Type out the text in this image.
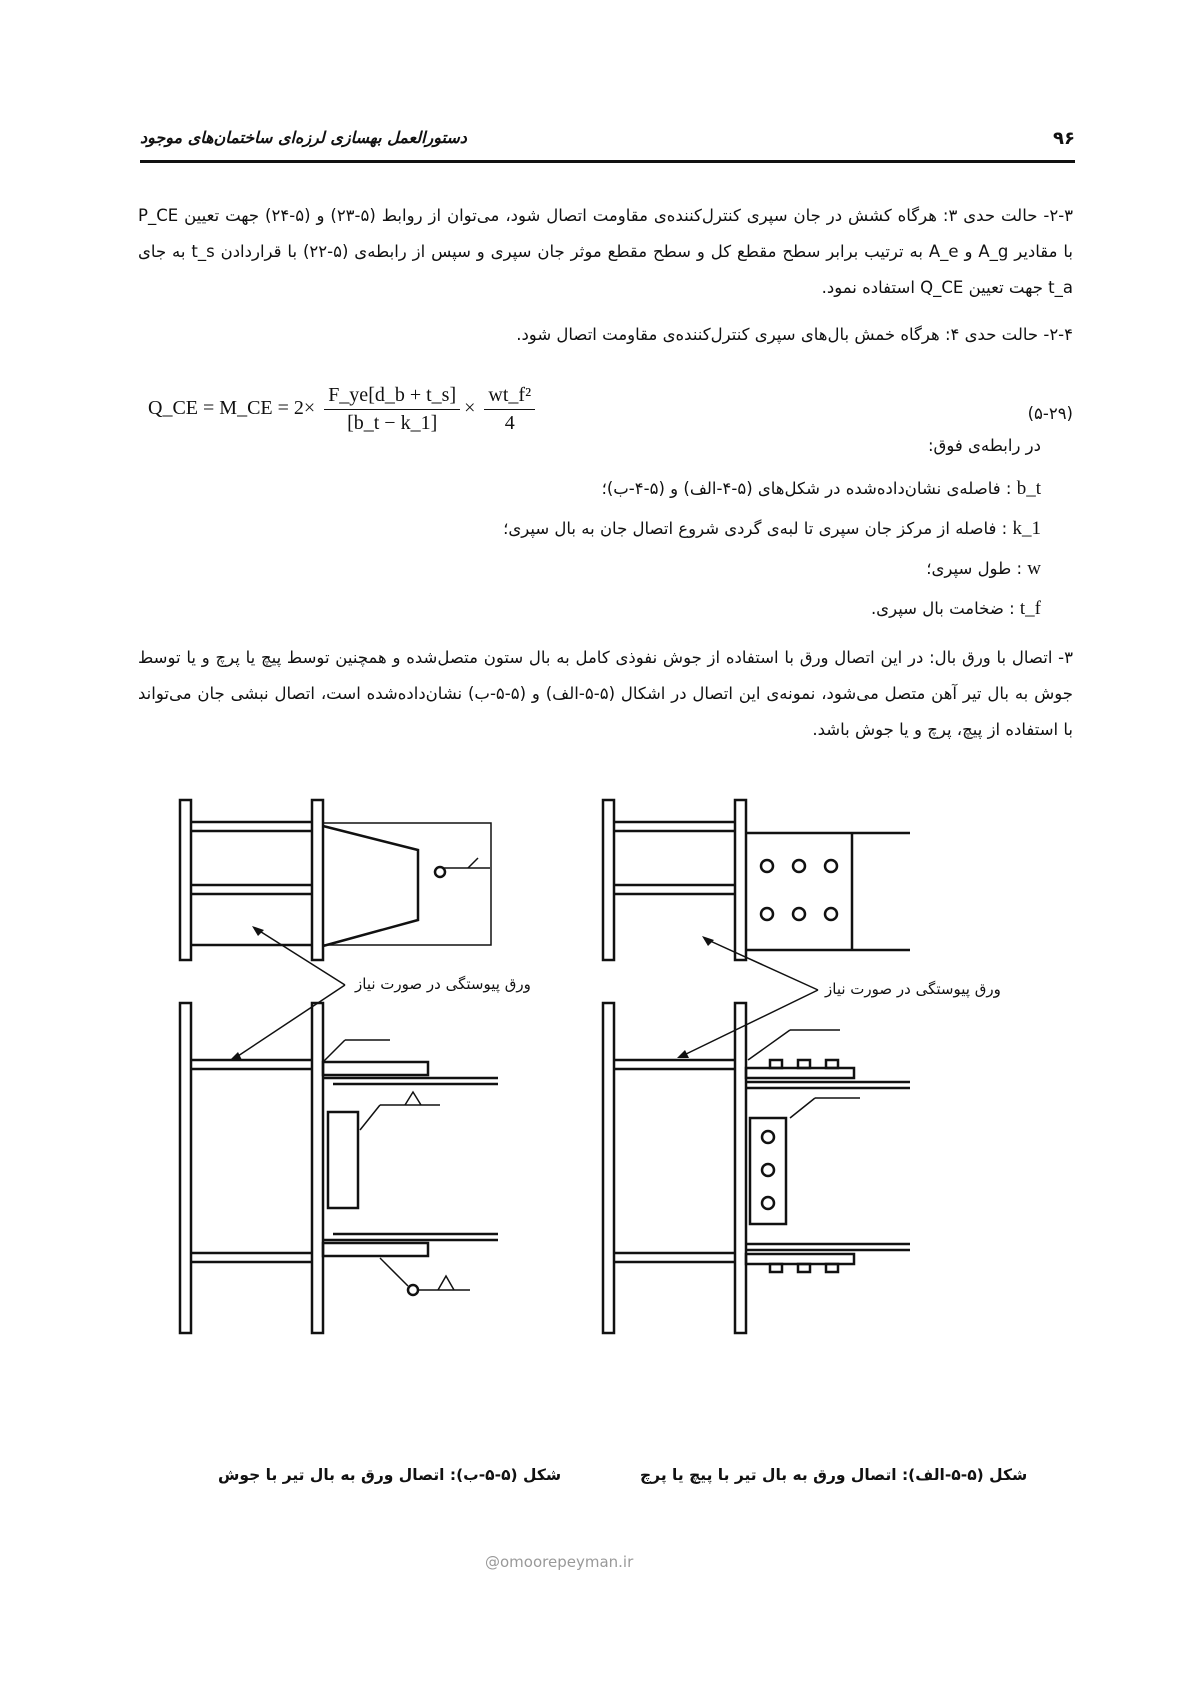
دستورالعمل بهسازی لرزه‌ای ساختمان‌های موجود	۹۶
۲-۳- حالت حدی ۳: هرگاه کشش در جان سپری کنترل‌کننده‌ی مقاومت اتصال شود، می‌توان از روابط (۵-۲۳) و (۵-۲۴) جهت تعیین P_CE با مقادیر A_g و A_e به ترتیب برابر سطح مقطع کل و سطح مقطع موثر جان سپری و سپس از رابطه‌ی (۵-۲۲) با قراردادن t_s به جای t_a جهت تعیین Q_CE استفاده نمود.
۲-۴- حالت حدی ۴: هرگاه خمش بال‌های سپری کنترل‌کننده‌ی مقاومت اتصال شود.
Q_CE = M_CE = $2\times \frac{F\_ye[d\_b + t\_s]}{[b\_t - k\_1]} \times \frac{\text{wt\_f²}}{4}$	(۵-۲۹)
در رابطه‌ی فوق:
b_t : فاصله‌ی نشان‌داده‌شده در شکل‌های (۵-۴-الف) و (۵-۴-ب)؛
k_1 : فاصله از مرکز جان سپری تا لبه‌ی گردی شروع اتصال جان به بال سپری؛
w : طول سپری؛
t_f : ضخامت بال سپری.
۳- اتصال با ورق بال: در این اتصال ورق با استفاده از جوش نفوذی کامل به بال ستون متصل‌شده و همچنین توسط پیچ یا پرچ و یا توسط جوش به بال تیر آهن متصل می‌شود، نمونه‌ی این اتصال در اشکال (۵-۵-الف) و (۵-۵-ب) نشان‌داده‌شده است، اتصال نبشی جان می‌تواند با استفاده از پیچ، پرچ و یا جوش باشد.
ورق پیوستگی در صورت نیاز	ورق پیوستگی در صورت نیاز
شکل (۵-۵-الف): اتصال ورق به بال تیر با پیچ یا پرچ
شکل (۵-۵-ب): اتصال ورق به بال تیر با جوش
@omoorepeyman.ir
